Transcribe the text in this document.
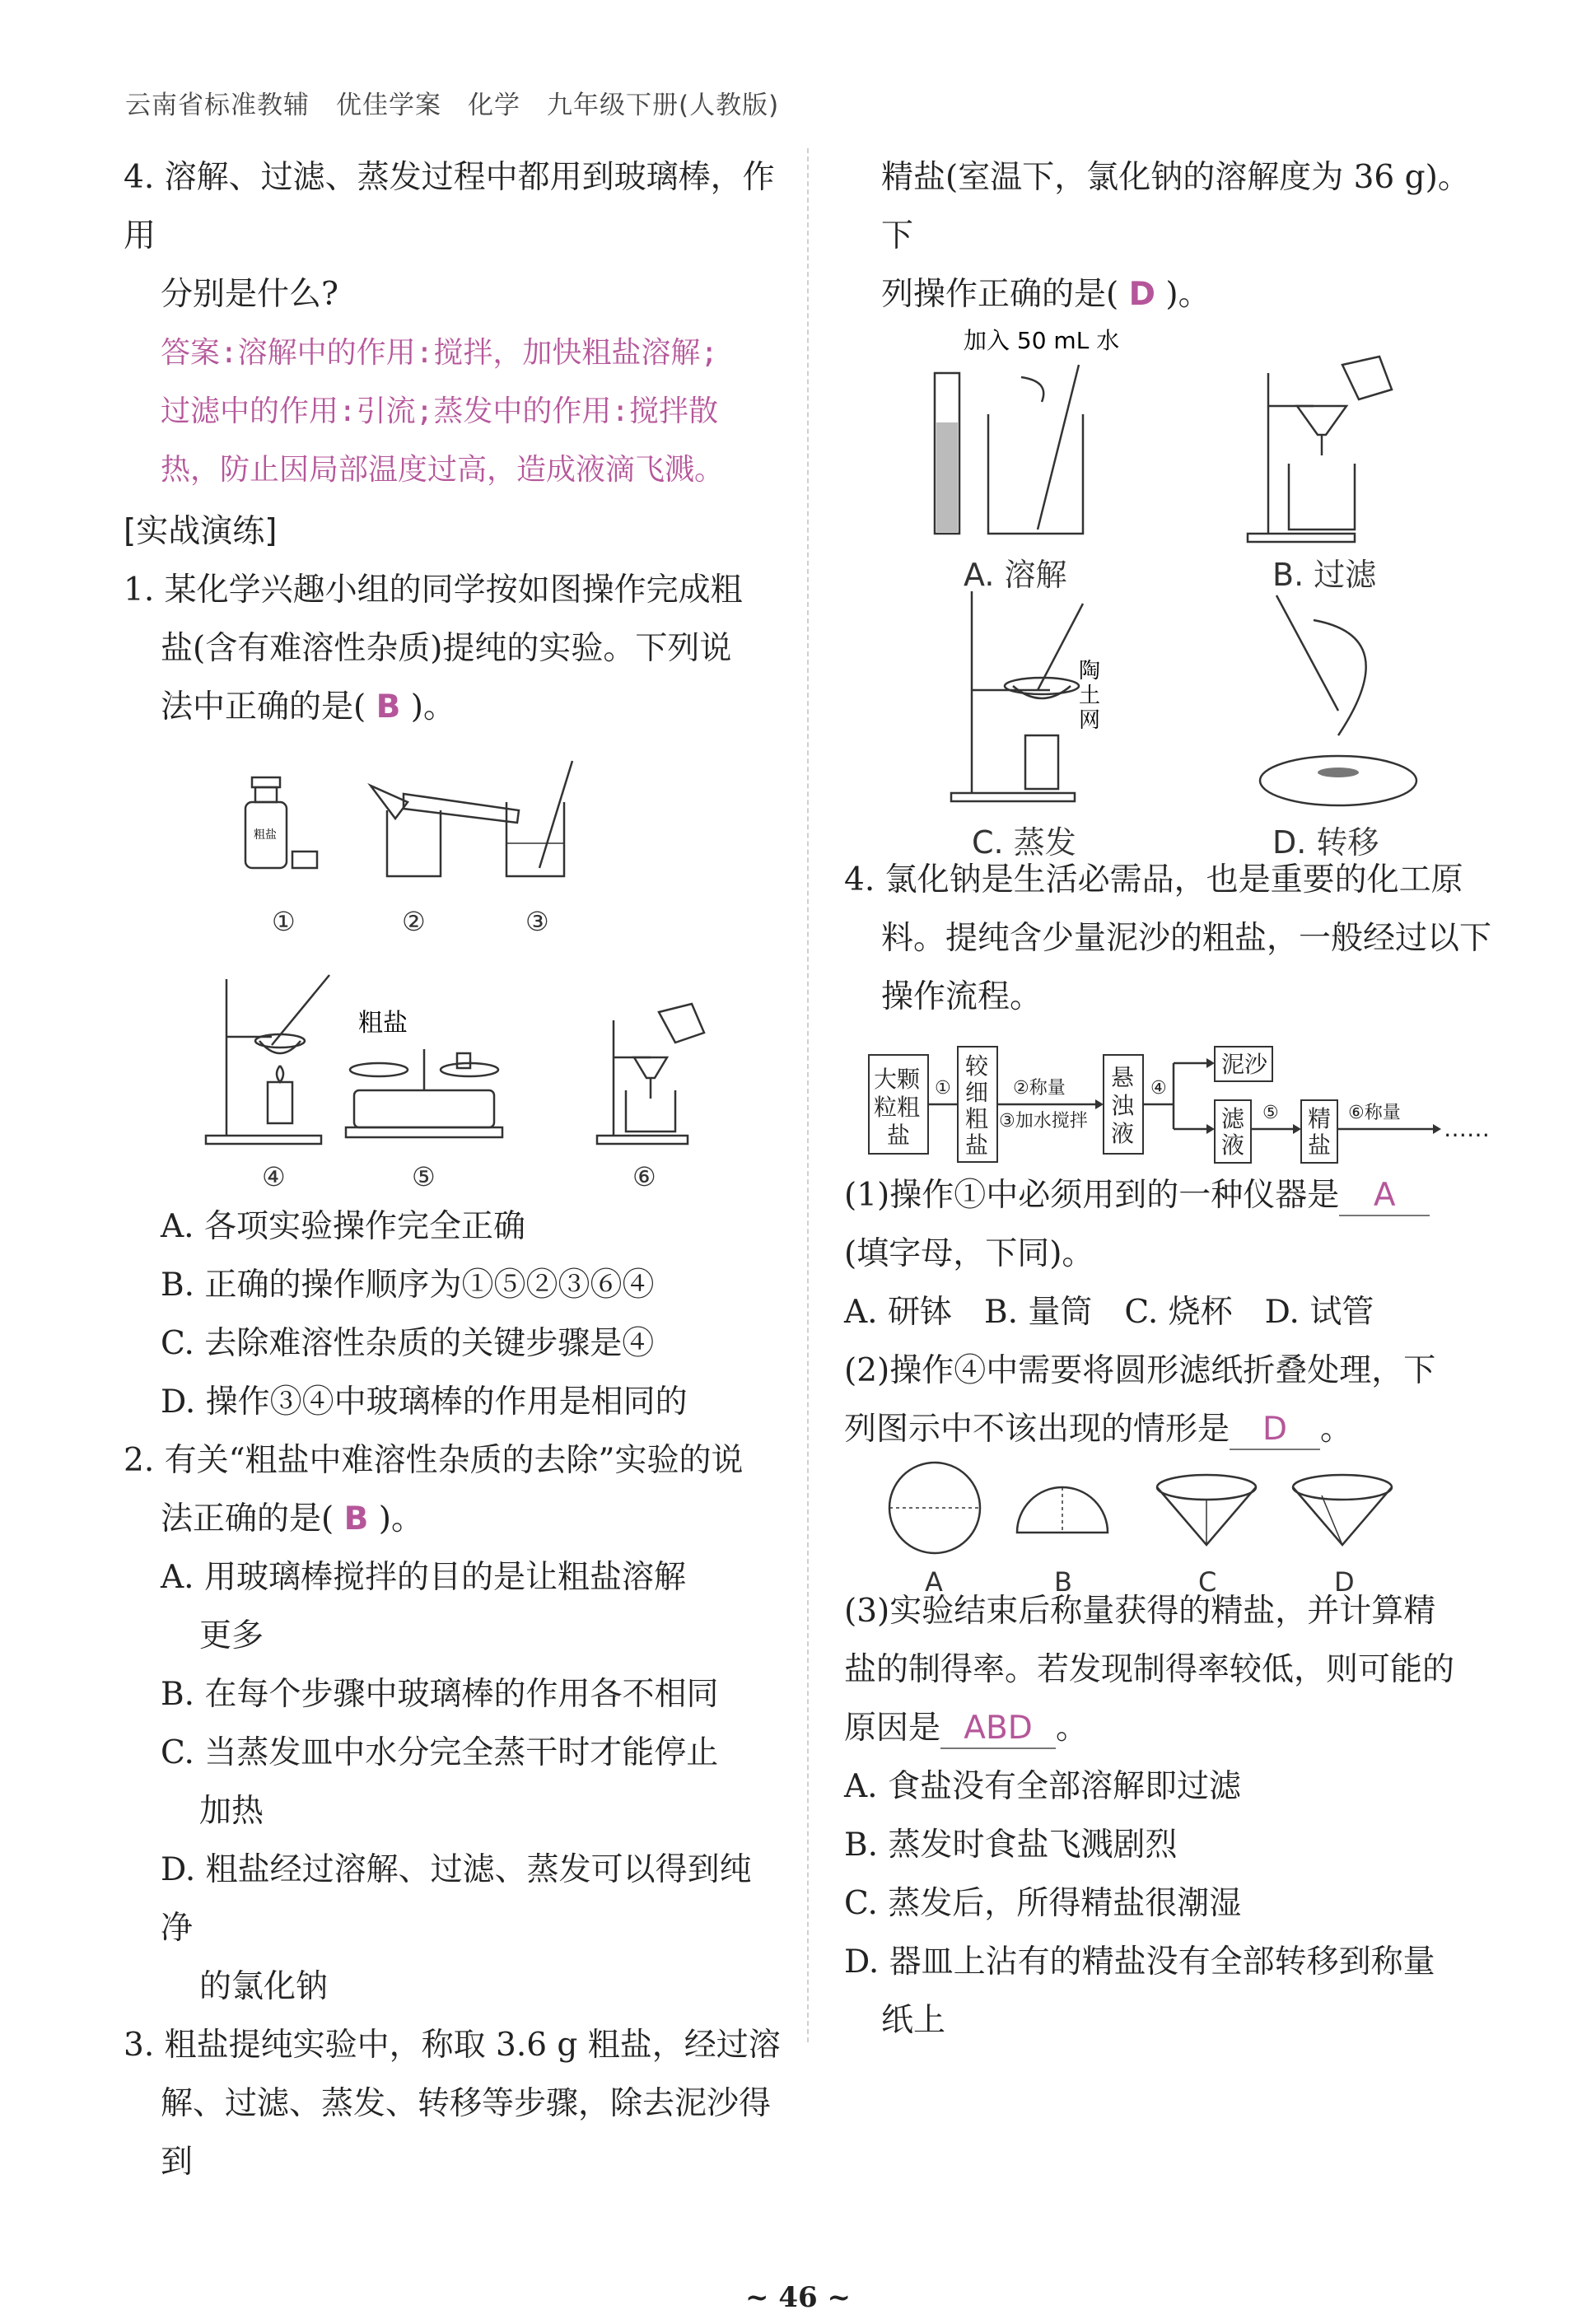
云南省标准教辅　优佳学案　化学　九年级下册(人教版)

4. 溶解、过滤、蒸发过程中都用到玻璃棒，作用

分别是什么?

答案:溶解中的作用:搅拌，加快粗盐溶解;

过滤中的作用:引流;蒸发中的作用:搅拌散

热，防止因局部温度过高，造成液滴飞溅。

[实战演练]

1. 某化学兴趣小组的同学按如图操作完成粗

盐(含有难溶性杂质)提纯的实验。下列说

法中正确的是( B )。

粗盐
粗盐
①	②	③
④	⑤	⑥

A. 各项实验操作完全正确

B. 正确的操作顺序为①⑤②③⑥④

C. 去除难溶性杂质的关键步骤是④

D. 操作③④中玻璃棒的作用是相同的

2. 有关“粗盐中难溶性杂质的去除”实验的说

法正确的是( B )。

A. 用玻璃棒搅拌的目的是让粗盐溶解

更多

B. 在每个步骤中玻璃棒的作用各不相同

C. 当蒸发皿中水分完全蒸干时才能停止

加热

D. 粗盐经过溶解、过滤、蒸发可以得到纯净

的氯化钠

3. 粗盐提纯实验中，称取 3.6 g 粗盐，经过溶

解、过滤、蒸发、转移等步骤，除去泥沙得到

精盐(室温下，氯化钠的溶解度为 36 g)。下

列操作正确的是( D )。

加入 50 mL 水
陶
土
网
A. 溶解	B. 过滤
C. 蒸发	D. 转移

4. 氯化钠是生活必需品，也是重要的化工原

料。提纯含少量泥沙的粗盐，一般经过以下

操作流程。

大颗
粒粗
盐
①
较
细
粗
盐
②称量
③加水搅拌
悬
浊
液
④
泥沙
滤
液
⑤ 精
盐
⑥称量
……

(1)操作①中必须用到的一种仪器是 A

(填字母，下同)。

A. 研钵　B. 量筒　C. 烧杯　D. 试管

(2)操作④中需要将圆形滤纸折叠处理，下

列图示中不该出现的情形是 D 。

A	B	C	D

(3)实验结束后称量获得的精盐，并计算精

盐的制得率。若发现制得率较低，则可能的

原因是 ABD 。

A. 食盐没有全部溶解即过滤

B. 蒸发时食盐飞溅剧烈

C. 蒸发后，所得精盐很潮湿

D. 器皿上沾有的精盐没有全部转移到称量

纸上

~ 46 ~
